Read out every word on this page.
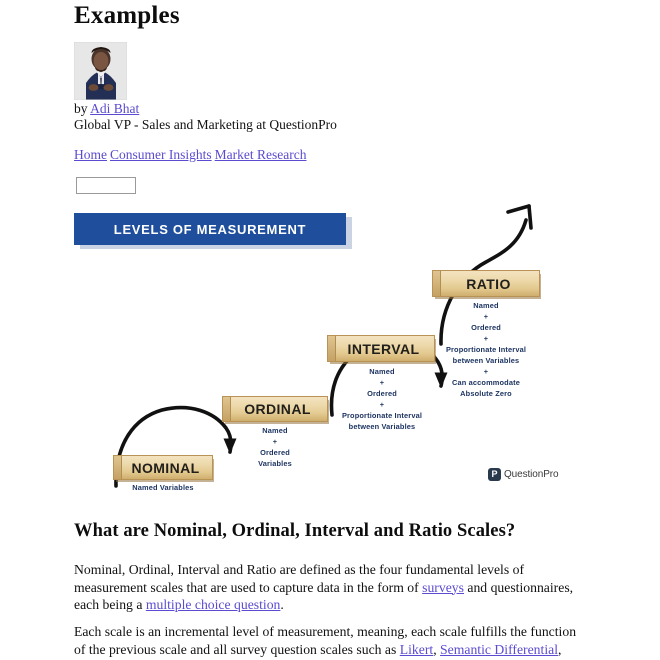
Examples
by Adi Bhat
Global VP - Sales and Marketing at QuestionPro
Home Consumer Insights Market Research
LEVELS OF MEASUREMENT
NOMINAL
Named Variables
ORDINAL
Named
+
Ordered
Variables
INTERVAL
Named
+
Ordered
+
Proportionate Interval
between Variables
RATIO
Named
+
Ordered
+
Proportionate Interval
between Variables
+
Can accommodate
Absolute Zero
P QuestionPro
What are Nominal, Ordinal, Interval and Ratio Scales?
Nominal, Ordinal, Interval and Ratio are defined as the four fundamental levels of measurement scales that are used to capture data in the form of surveys and questionnaires, each being a multiple choice question.
Each scale is an incremental level of measurement, meaning, each scale fulfills the function of the previous scale and all survey question scales such as Likert, Semantic Differential,
